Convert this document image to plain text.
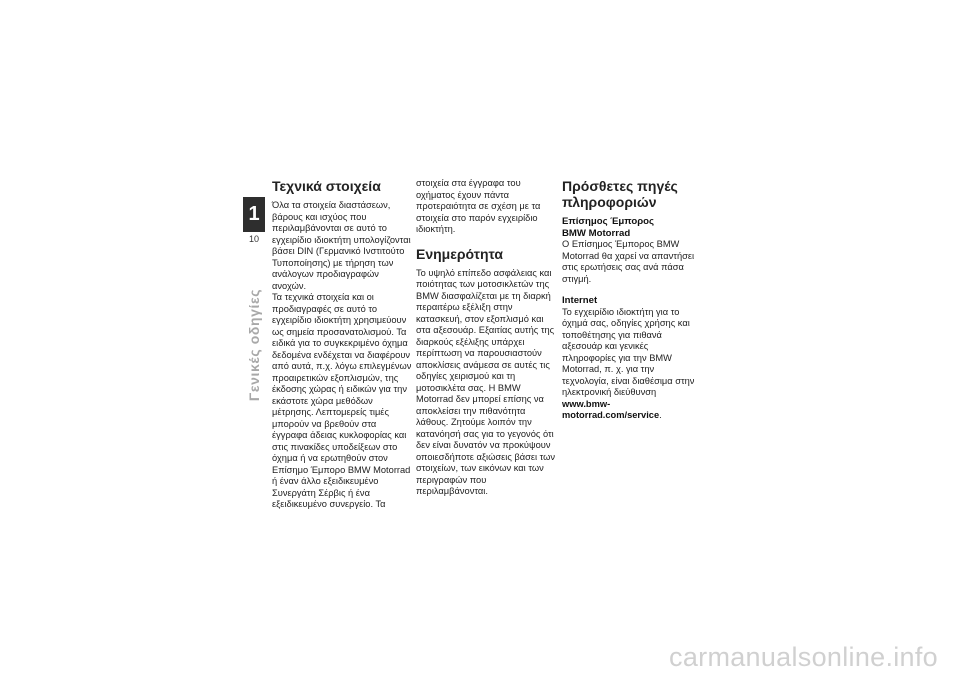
1
10
Γενικές οδηγίες
Τεχνικά στοιχεία

Όλα τα στοιχεία διαστάσεων, βάρους και ισχύος που περιλαμβάνονται σε αυτό το εγχειρίδιο ιδιοκτήτη υπολογίζονται βάσει DIN (Γερμανικό Ινστιτούτο Τυποποίησης) με τήρηση των ανάλογων προδιαγραφών ανοχών.

Τα τεχνικά στοιχεία και οι προδιαγραφές σε αυτό το εγχειρίδιο ιδιοκτήτη χρησιμεύουν ως σημεία προσανατολισμού. Τα ειδικά για το συγκεκριμένο όχημα δεδομένα ενδέχεται να διαφέρουν από αυτά, π.χ. λόγω επιλεγμένων προαιρετικών εξοπλισμών, της έκδοσης χώρας ή ειδικών για την εκάστοτε χώρα μεθόδων μέτρησης. Λεπτομερείς τιμές μπορούν να βρεθούν στα έγγραφα άδειας κυκλοφορίας και στις πινακίδες υποδείξεων στο όχημα ή να ερωτηθούν στον Επίσημο Έμπορο BMW Motorrad ή έναν άλλο εξειδικευμένο Συνεργάτη Σέρβις ή ένα εξειδικευμένο συνεργείο. Τα

στοιχεία στα έγγραφα του οχήματος έχουν πάντα προτεραιότητα σε σχέση με τα στοιχεία στο παρόν εγχειρίδιο ιδιοκτήτη.

Ενημερότητα

Το υψηλό επίπεδο ασφάλειας και ποιότητας των μοτοσικλετών της BMW διασφαλίζεται με τη διαρκή περαιτέρω εξέλιξη στην κατασκευή, στον εξοπλισμό και στα αξεσουάρ. Εξαιτίας αυτής της διαρκούς εξέλιξης υπάρχει περίπτωση να παρουσιαστούν αποκλίσεις ανάμεσα σε αυτές τις οδηγίες χειρισμού και τη μοτοσικλέτα σας. Η BMW Motorrad δεν μπορεί επίσης να αποκλείσει την πιθανότητα λάθους. Ζητούμε λοιπόν την κατανόησή σας για το γεγονός ότι δεν είναι δυνατόν να προκύψουν οποιεσδήποτε αξιώσεις βάσει των στοιχείων, των εικόνων και των περιγραφών που περιλαμβάνονται.

Πρόσθετες πηγές πληροφοριών
Επίσημος Έμπορος
BMW Motorrad

Ο Επίσημος Έμπορος BMW Motorrad θα χαρεί να απαντήσει στις ερωτήσεις σας ανά πάσα στιγμή.

Internet

Το εγχειρίδιο ιδιοκτήτη για το όχημά σας, οδηγίες χρήσης και τοποθέτησης για πιθανά αξεσουάρ και γενικές πληροφορίες για την BMW Motorrad, π. χ. για την τεχνολογία, είναι διαθέσιμα στην ηλεκτρονική διεύθυνση www.bmw-motorrad.com/service.

carmanualsonline.info
